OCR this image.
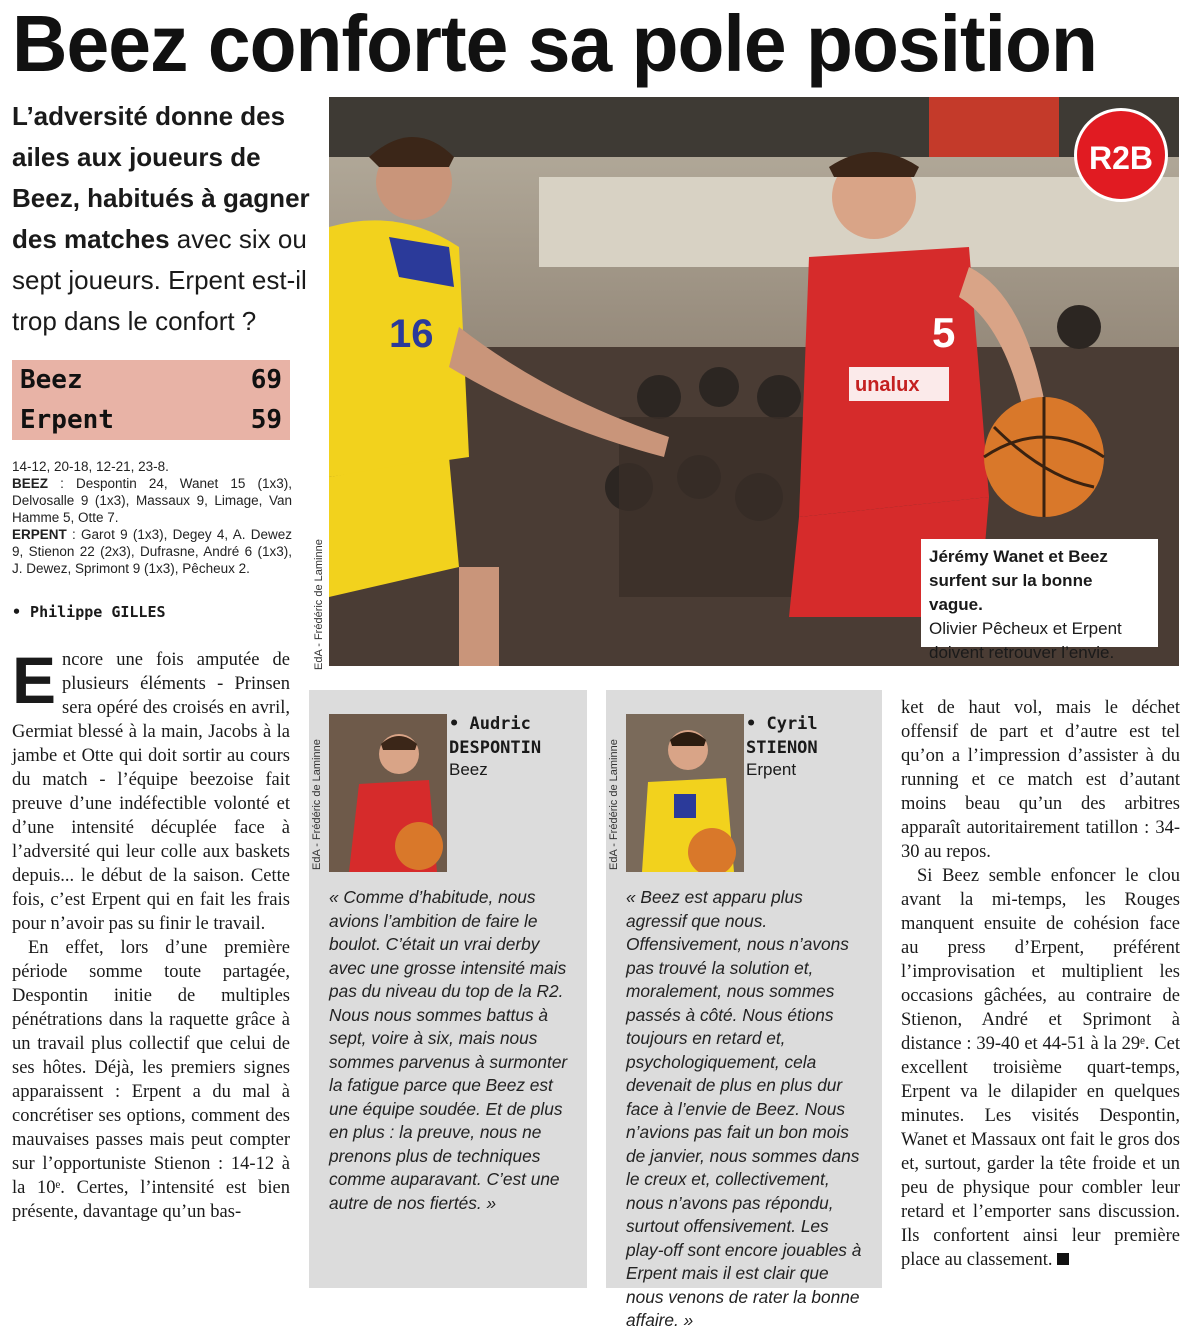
Beez conforte sa pole position
L’adversité donne des ailes aux joueurs de Beez, habitués à gagner des matches avec six ou sept joueurs. Erpent est-il trop dans le confort ?
Beez	69
Erpent	59
14-12, 20-18, 12-21, 23-8.
BEEZ : Despontin 24, Wanet 15 (1x3), Delvosalle 9 (1x3), Massaux 9, Limage, Van Hamme 5, Otte 7.
ERPENT : Garot 9 (1x3), Degey 4, A. Dewez 9, Stienon 22 (2x3), Dufrasne, André 6 (1x3), J. Dewez, Sprimont 9 (1x3), Pêcheux 2.
• Philippe GILLES	EdA - Frédéric de Laminne
16	5
unalux
R2B
Jérémy Wanet et Beez surfent sur la bonne vague.
Olivier Pêcheux et Erpent doivent retrouver l’envie.

Encore une fois amputée de plusieurs éléments - Prinsen sera opéré des croisés en avril, Germiat blessé à la main, Jacobs à la jambe et Otte qui doit sortir au cours du match - l’équipe beezoise fait preuve d’une indéfectible volonté et d’une intensité décuplée face à l’adversité qui leur colle aux baskets depuis... le début de la saison. Cette fois, c’est Erpent qui en fait les frais pour n’avoir pas su finir le travail.

En effet, lors d’une première période somme toute partagée, Despontin initie de multiples pénétrations dans la raquette grâce à un travail plus collectif que celui de ses hôtes. Déjà, les premiers signes apparaissent : Erpent a du mal à concrétiser ses options, comment des mauvaises passes mais peut compter sur l’opportuniste Stienon : 14-12 à la 10ᵉ. Certes, l’intensité est bien présente, davantage qu’un bas-

EdA - Frédéric de Laminne
• Audric
DESPONTIN
Beez
« Comme d’habitude, nous avions l’ambition de faire le boulot. C’était un vrai derby avec une grosse intensité mais pas du niveau du top de la R2. Nous nous sommes battus à sept, voire à six, mais nous sommes parvenus à surmonter la fatigue parce que Beez est une équipe soudée. Et de plus en plus : la preuve, nous ne prenons plus de techniques comme auparavant. C’est une autre de nos fiertés. »
EdA - Frédéric de Laminne
• Cyril
STIENON
Erpent
« Beez est apparu plus agressif que nous. Offensivement, nous n’avons pas trouvé la solution et, moralement, nous sommes passés à côté. Nous étions toujours en retard et, psychologiquement, cela devenait de plus en plus dur face à l’envie de Beez. Nous n’avions pas fait un bon mois de janvier, nous sommes dans le creux et, collectivement, nous n’avons pas répondu, surtout offensivement. Les play-off sont encore jouables à Erpent mais il est clair que nous venons de rater la bonne affaire. »

ket de haut vol, mais le déchet offensif de part et d’autre est tel qu’on a l’impression d’assister à du running et ce match est d’autant moins beau qu’un des arbitres apparaît autoritairement tatillon : 34-30 au repos.

Si Beez semble enfoncer le clou avant la mi-temps, les Rouges manquent ensuite de cohésion face au press d’Erpent, préférent l’improvisation et multiplient les occasions gâchées, au contraire de Stienon, André et Sprimont à distance : 39-40 et 44-51 à la 29ᵉ. Cet excellent troisième quart-temps, Erpent va le dilapider en quelques minutes. Les visités Despontin, Wanet et Massaux ont fait le gros dos et, surtout, garder la tête froide et un peu de physique pour combler leur retard et l’emporter sans discussion. Ils confortent ainsi leur première place au classement.
